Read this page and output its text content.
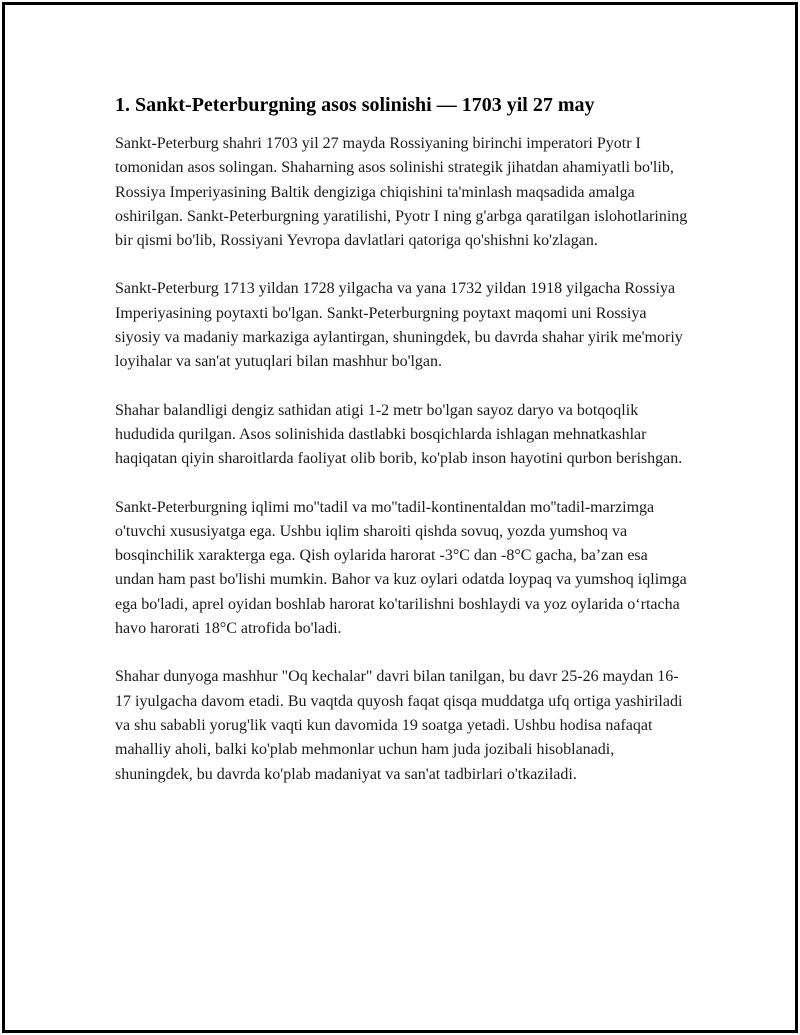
1. Sankt-Peterburgning asos solinishi — 1703 yil 27 may

Sankt-Peterburg shahri 1703 yil 27 mayda Rossiyaning birinchi imperatori Pyotr I tomonidan asos solingan. Shaharning asos solinishi strategik jihatdan ahamiyatli bo'lib, Rossiya Imperiyasining Baltik dengiziga chiqishini ta'minlash maqsadida amalga oshirilgan. Sankt-Peterburgning yaratilishi, Pyotr I ning g'arbga qaratilgan islohotlarining bir qismi bo'lib, Rossiyani Yevropa davlatlari qatoriga qo'shishni ko'zlagan.

Sankt-Peterburg 1713 yildan 1728 yilgacha va yana 1732 yildan 1918 yilgacha Rossiya Imperiyasining poytaxti bo'lgan. Sankt-Peterburgning poytaxt maqomi uni Rossiya siyosiy va madaniy markaziga aylantirgan, shuningdek, bu davrda shahar yirik me'moriy loyihalar va san'at yutuqlari bilan mashhur bo'lgan.

Shahar balandligi dengiz sathidan atigi 1-2 metr bo'lgan sayoz daryo va botqoqlik hududida qurilgan. Asos solinishida dastlabki bosqichlarda ishlagan mehnatkashlar haqiqatan qiyin sharoitlarda faoliyat olib borib, ko'plab inson hayotini qurbon berishgan.

Sankt-Peterburgning iqlimi mo''tadil va mo''tadil-kontinentaldan mo''tadil-marzimga o'tuvchi xususiyatga ega. Ushbu iqlim sharoiti qishda sovuq, yozda yumshoq va bosqinchilik xarakterga ega. Qish oylarida harorat -3°C dan -8°C gacha, ba’zan esa undan ham past bo'lishi mumkin. Bahor va kuz oylari odatda loypaq va yumshoq iqlimga ega bo'ladi, aprel oyidan boshlab harorat ko'tarilishni boshlaydi va yoz oylarida o‘rtacha havo harorati 18°C atrofida bo'ladi.

Shahar dunyoga mashhur "Oq kechalar" davri bilan tanilgan, bu davr 25-26 maydan 16-17 iyulgacha davom etadi. Bu vaqtda quyosh faqat qisqa muddatga ufq ortiga yashiriladi va shu sababli yorug'lik vaqti kun davomida 19 soatga yetadi. Ushbu hodisa nafaqat mahalliy aholi, balki ko'plab mehmonlar uchun ham juda jozibali hisoblanadi, shuningdek, bu davrda ko'plab madaniyat va san'at tadbirlari o'tkaziladi.
